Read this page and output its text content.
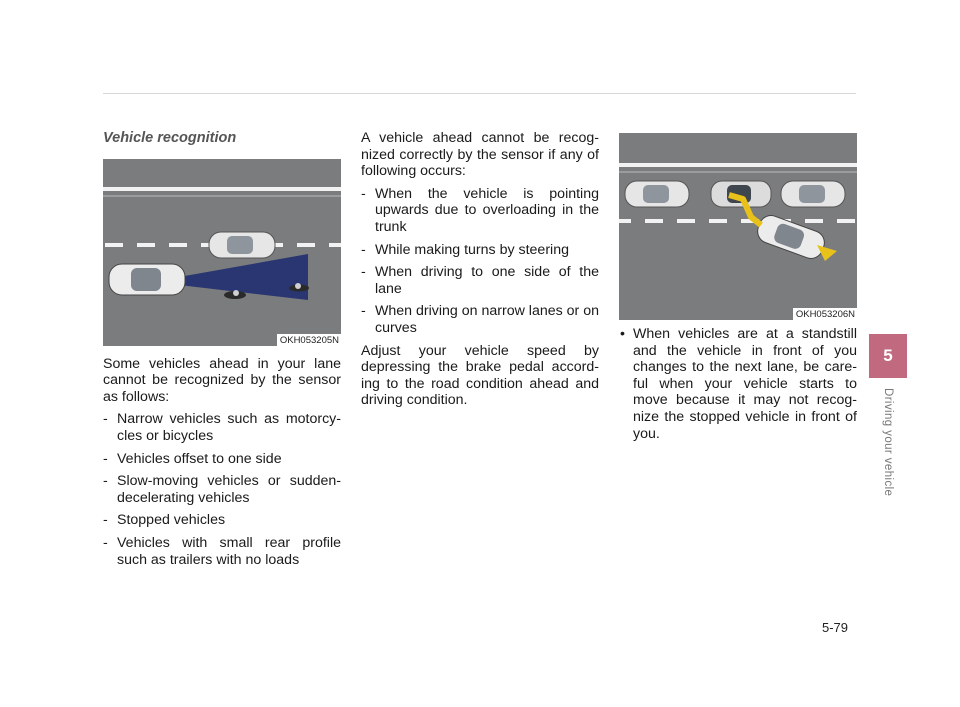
Vehicle recognition
OKH053205N
Some vehicles ahead in your lane cannot be recognized by the sensor as follows:
- Narrow vehicles such as motorcy-cles or bicycles
- Vehicles offset to one side
- Slow-moving vehicles or sudden-decelerating vehicles
- Stopped vehicles
- Vehicles with small rear profile such as trailers with no loads
A vehicle ahead cannot be recog-nized correctly by the sensor if any of following occurs:
- When the vehicle is pointing upwards due to overloading in the trunk
- While making turns by steering
- When driving to one side of the lane
- When driving on narrow lanes or on curves
Adjust your vehicle speed by depressing the brake pedal accord-ing to the road condition ahead and driving condition.
OKH053206N
• When vehicles are at a standstill and the vehicle in front of you changes to the next lane, be care-ful when your vehicle starts to move because it may not recog-nize the stopped vehicle in front of you.
5
Driving your vehicle
5-79
